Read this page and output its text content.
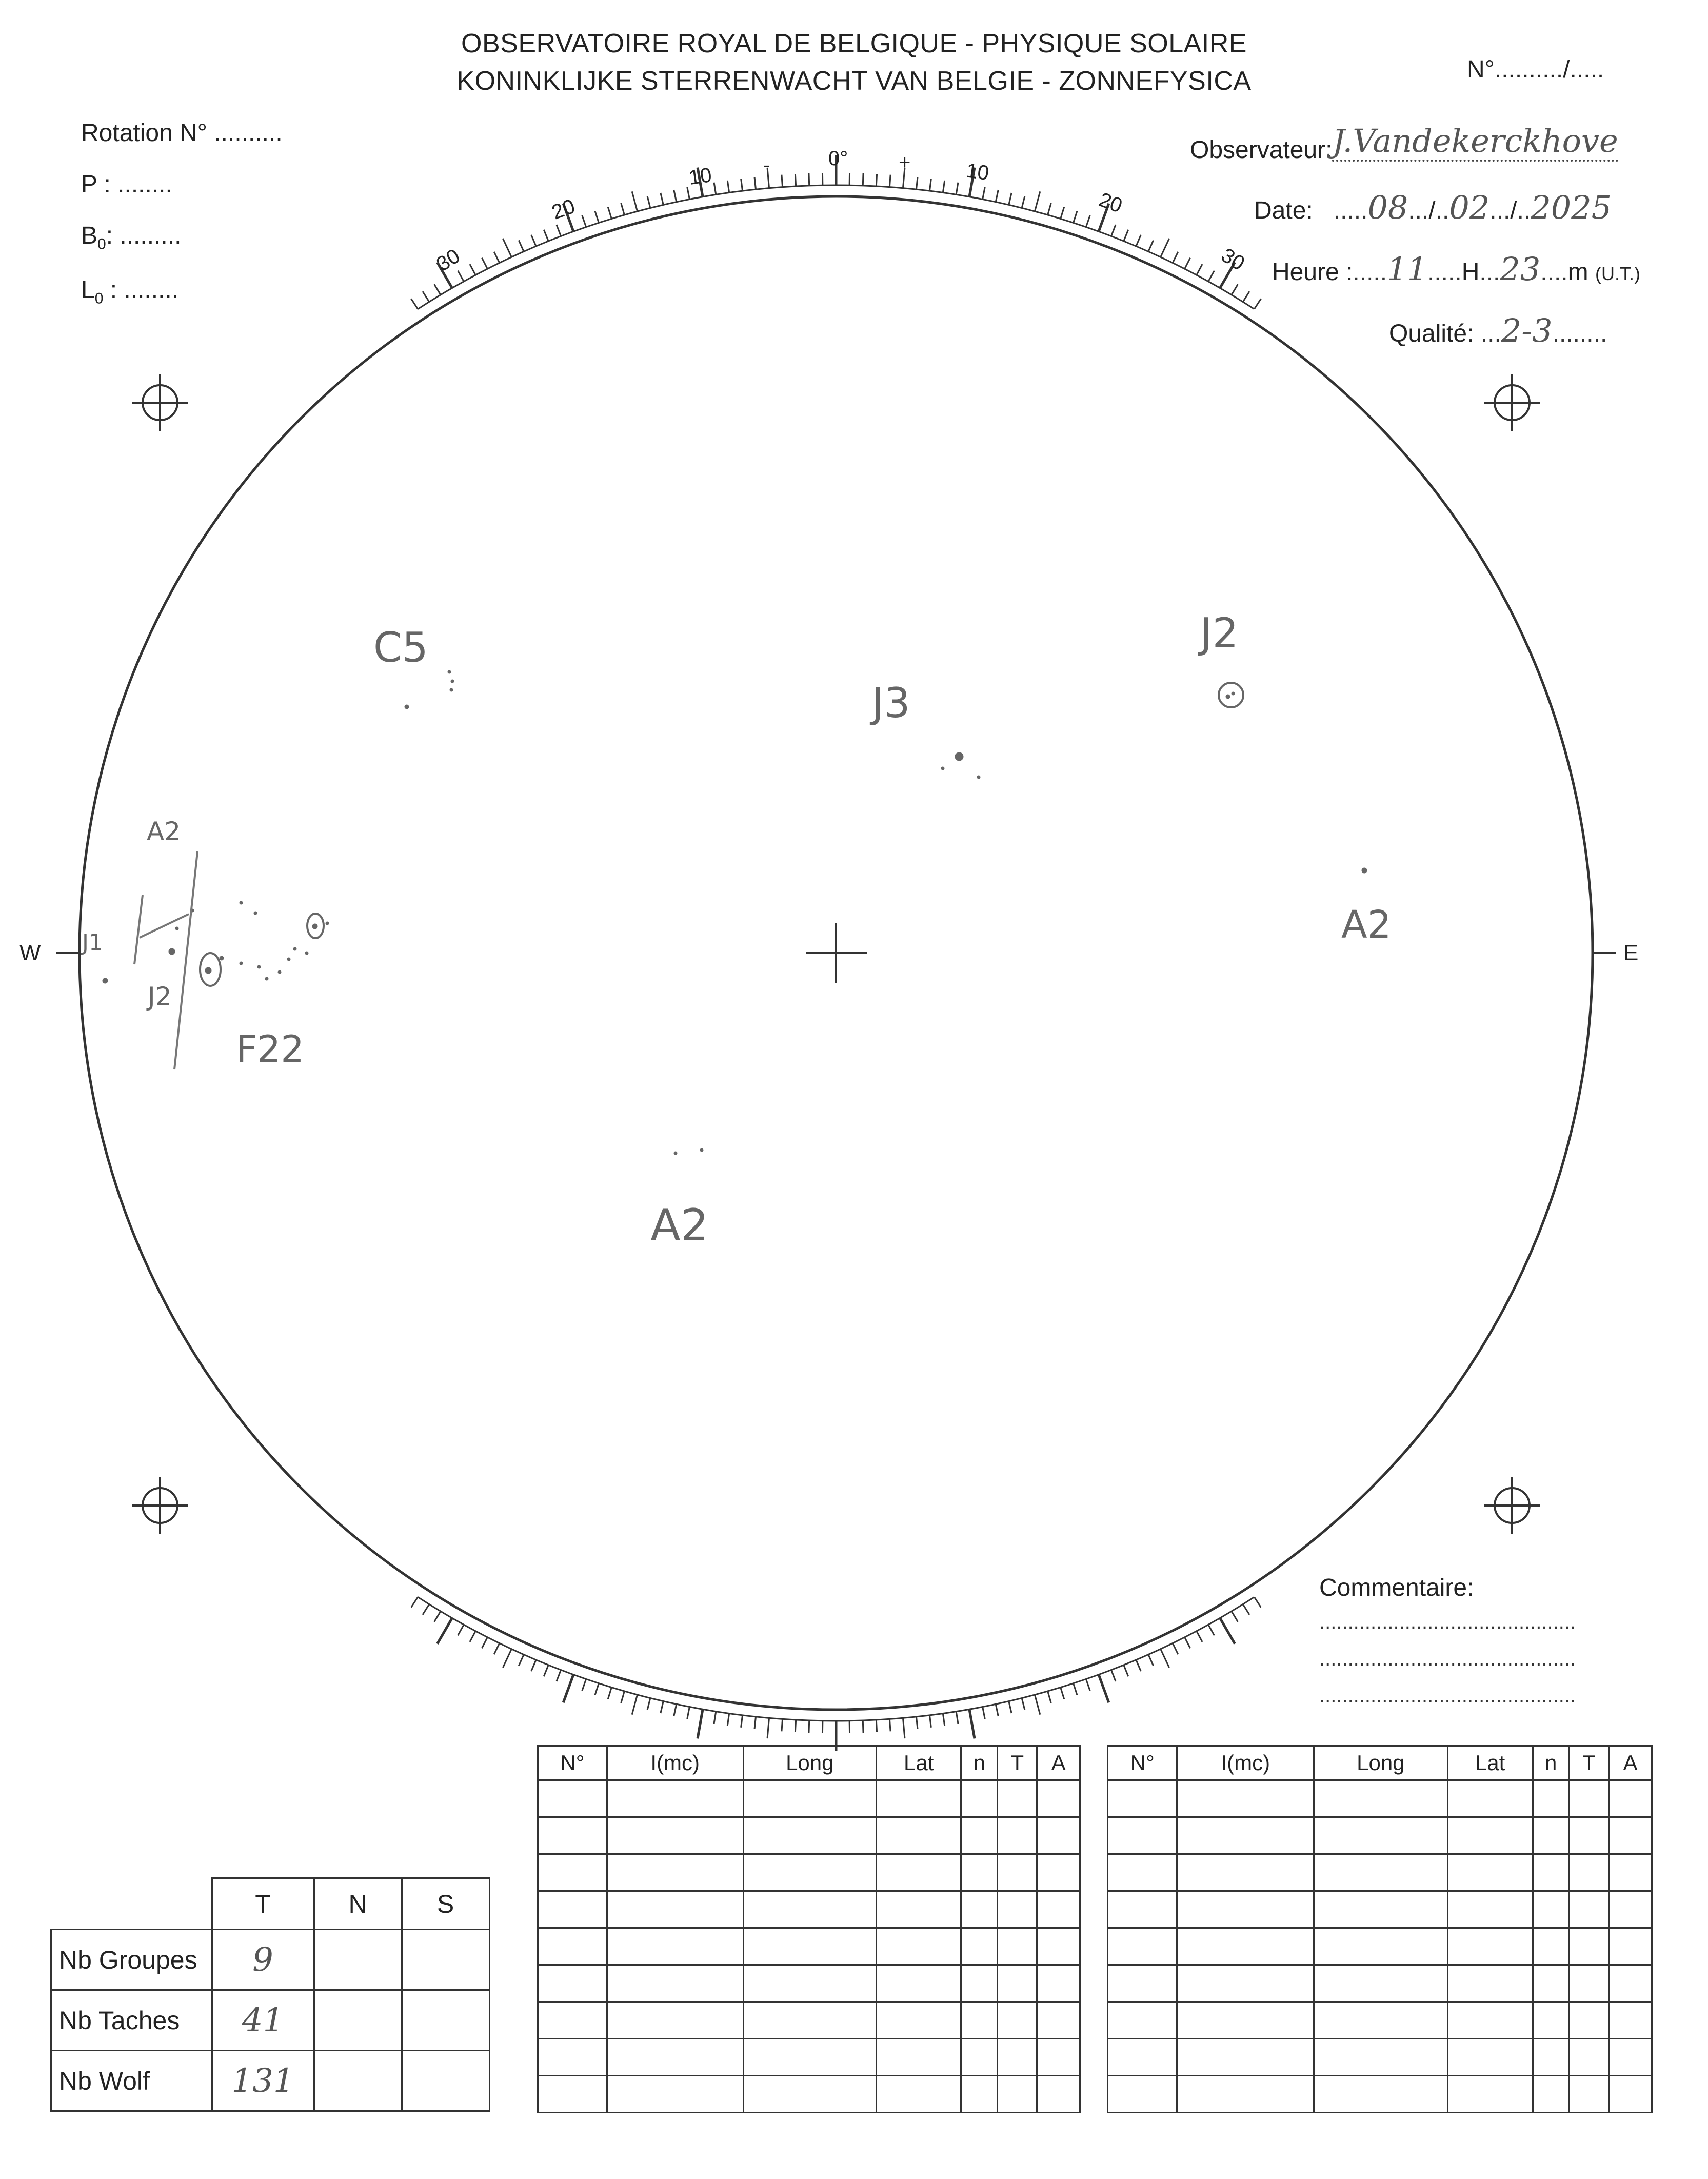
OBSERVATOIRE ROYAL DE BELGIQUE - PHYSIQUE SOLAIRE
KONINKLIJKE STERRENWACHT VAN BELGIE - ZONNEFYSICA	N°........../.....
Rotation N° ..........
P : ........
$B_0$: .........
$L_0$ : ........
Observateur:J.Vandekerckhove
Date:   .....08.../..02.../..2025
Heure :.....11.....H...23....m (U.T.)
Qualité: ...2-3........
W	E
30
20
10 -	0° +	10
20
30
C5	J2
J3
A2
J1
J2
F22
A2
A2
Commentaire:
.............................................
.............................................
.............................................
N°	I(mc)	Long	Lat	n	T	A

							N°	I(mc)	Long	Lat	n	T	A

	T	N	S
Nb Groupes	9		
Nb Taches	41		
Nb Wolf	131		
